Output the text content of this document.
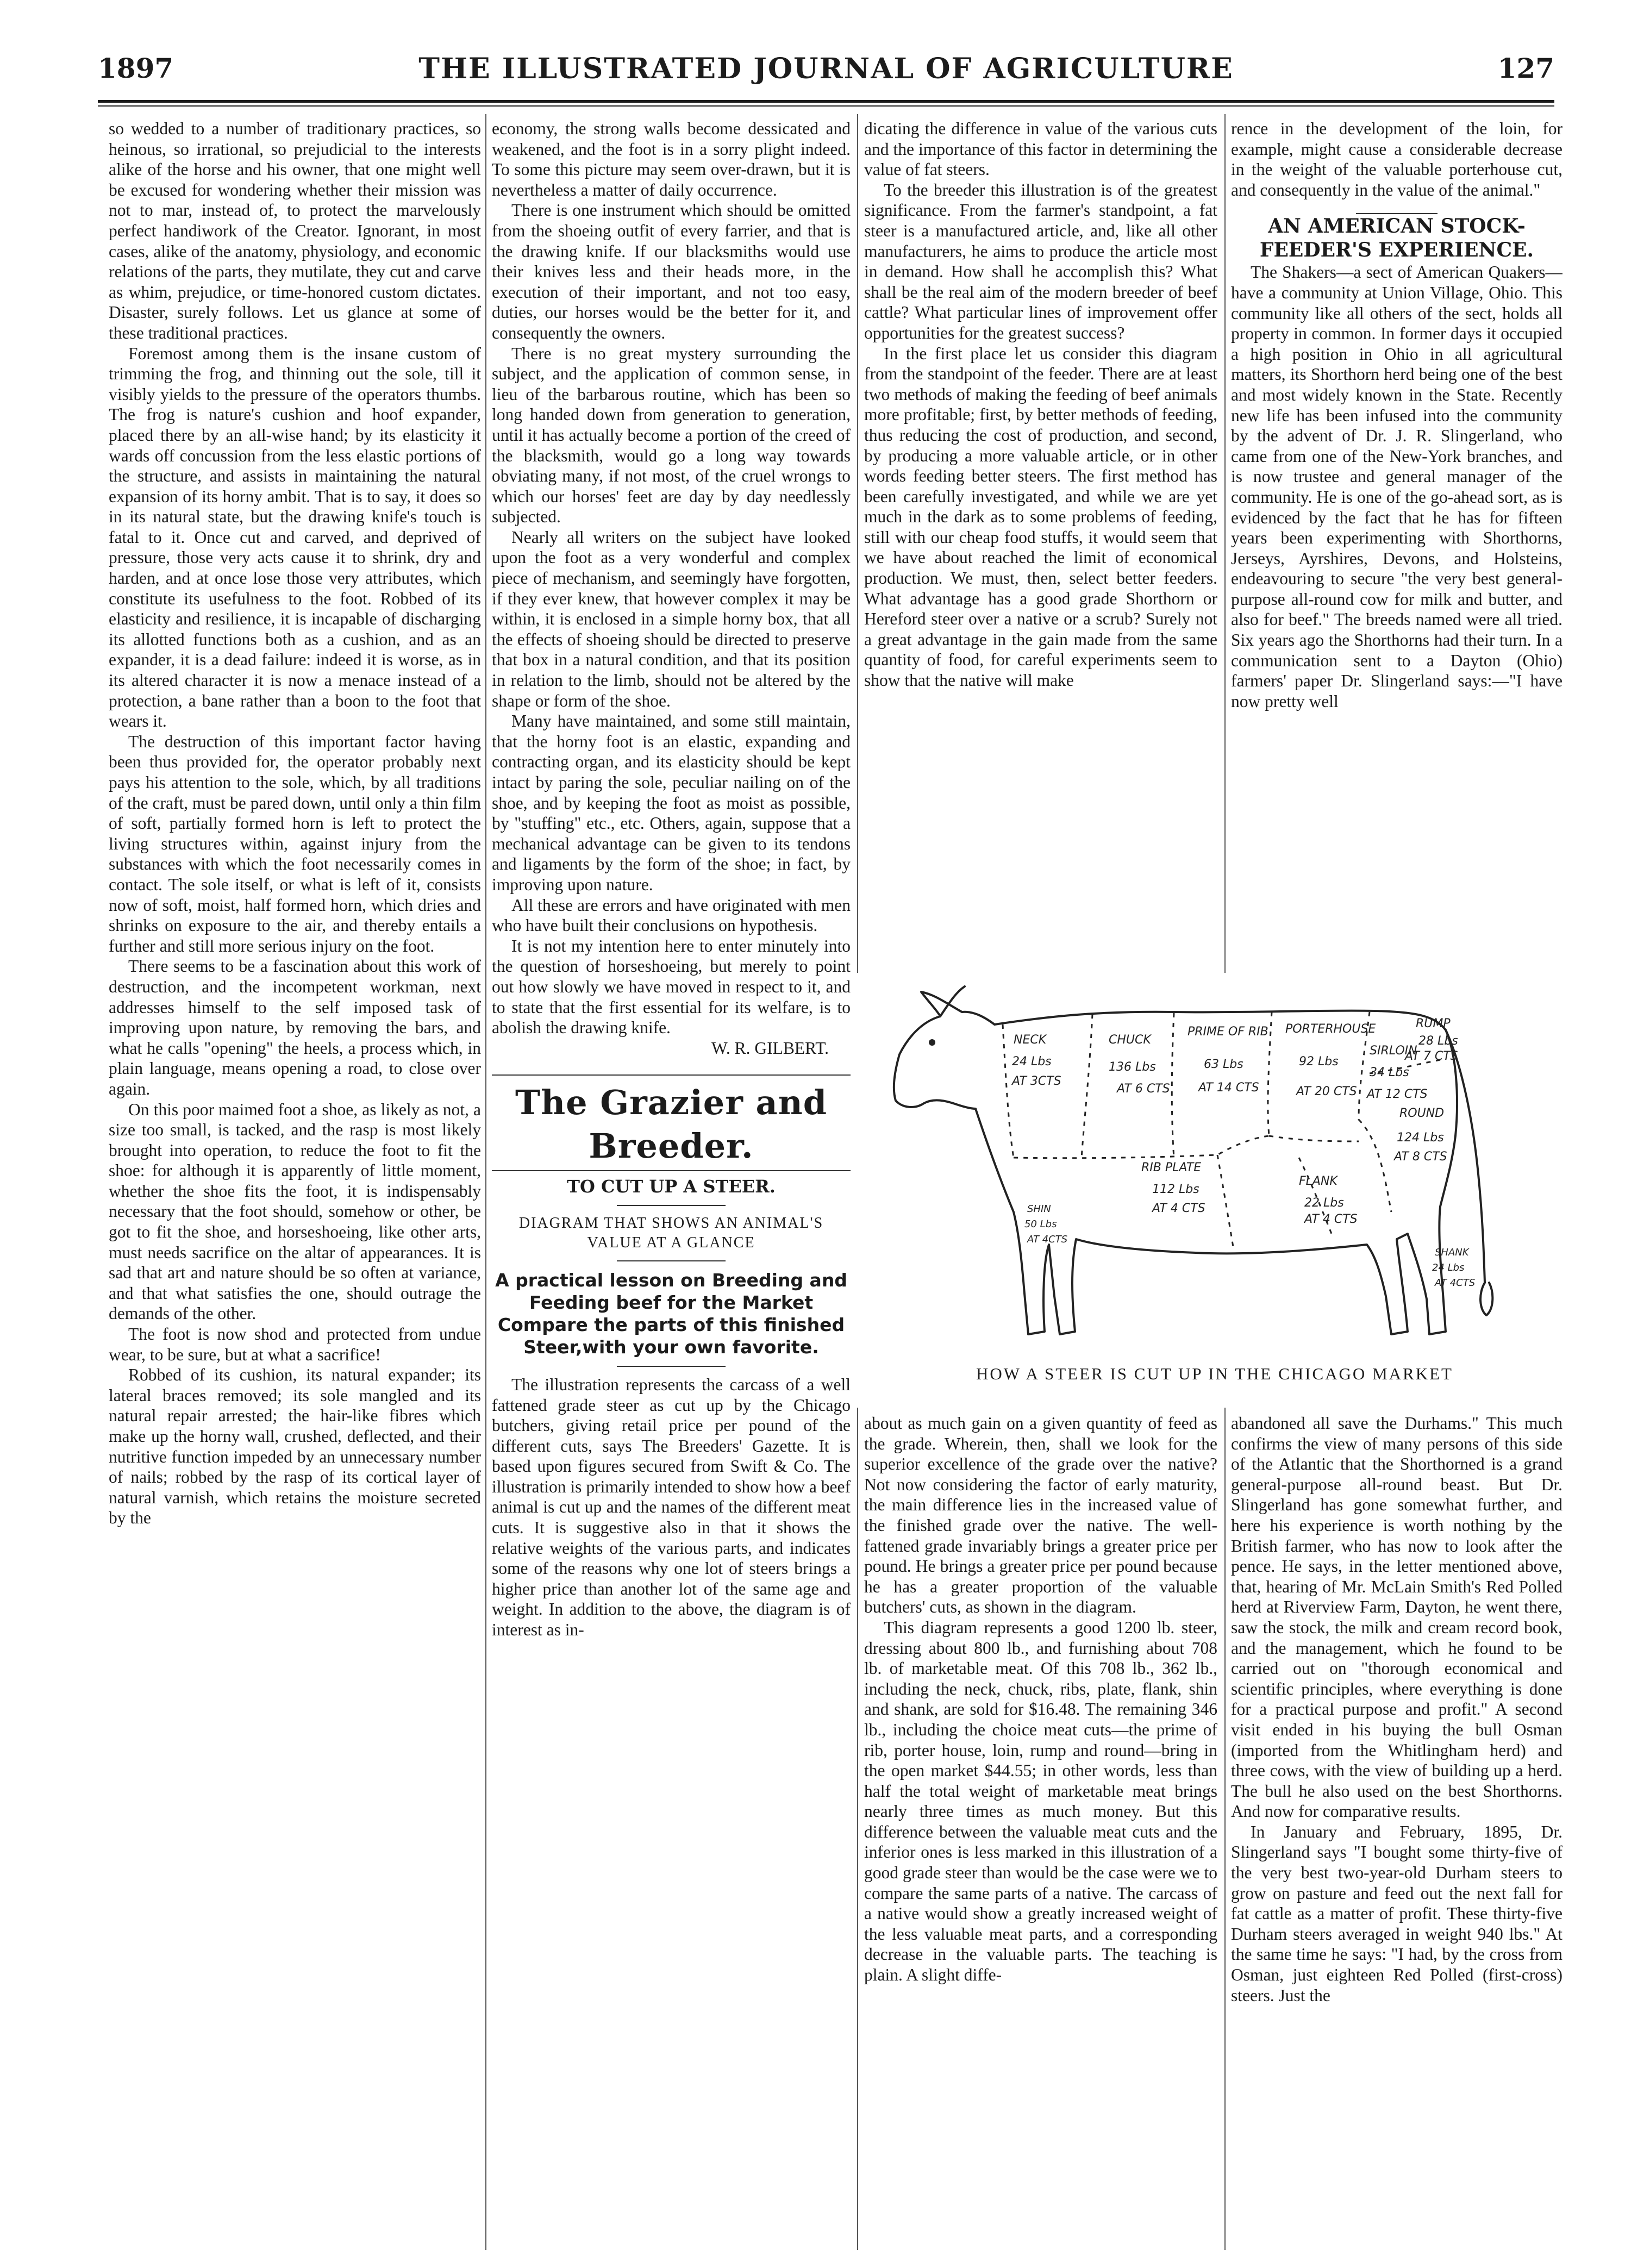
1897	THE ILLUSTRATED JOURNAL OF AGRICULTURE	127

so wedded to a number of traditionary practices, so heinous, so irrational, so prejudicial to the interests alike of the horse and his owner, that one might well be excused for wondering whether their mission was not to mar, instead of, to protect the marvelously perfect handiwork of the Creator. Ignorant, in most cases, alike of the anatomy, physiology, and economic relations of the parts, they mutilate, they cut and carve as whim, prejudice, or time-honored custom dictates. Disaster, surely follows. Let us glance at some of these traditional practices.

Foremost among them is the insane custom of trimming the frog, and thinning out the sole, till it visibly yields to the pressure of the operators thumbs. The frog is nature's cushion and hoof expander, placed there by an all-wise hand; by its elasticity it wards off concussion from the less elastic portions of the structure, and assists in maintaining the natural expansion of its horny ambit. That is to say, it does so in its natural state, but the drawing knife's touch is fatal to it. Once cut and carved, and deprived of pressure, those very acts cause it to shrink, dry and harden, and at once lose those very attributes, which constitute its usefulness to the foot. Robbed of its elasticity and resilience, it is incapable of discharging its allotted functions both as a cushion, and as an expander, it is a dead failure: indeed it is worse, as in its altered character it is now a menace instead of a protection, a bane rather than a boon to the foot that wears it.

The destruction of this important factor having been thus provided for, the operator probably next pays his attention to the sole, which, by all traditions of the craft, must be pared down, until only a thin film of soft, partially formed horn is left to protect the living structures within, against injury from the substances with which the foot necessarily comes in contact. The sole itself, or what is left of it, consists now of soft, moist, half formed horn, which dries and shrinks on exposure to the air, and thereby entails a further and still more serious injury on the foot.

There seems to be a fascination about this work of destruction, and the incompetent workman, next addresses himself to the self imposed task of improving upon nature, by removing the bars, and what he calls "opening" the heels, a process which, in plain language, means opening a road, to close over again.

On this poor maimed foot a shoe, as likely as not, a size too small, is tacked, and the rasp is most likely brought into operation, to reduce the foot to fit the shoe: for although it is apparently of little moment, whether the shoe fits the foot, it is indispensably necessary that the foot should, somehow or other, be got to fit the shoe, and horseshoeing, like other arts, must needs sacrifice on the altar of appearances. It is sad that art and nature should be so often at variance, and that what satisfies the one, should outrage the demands of the other.

The foot is now shod and protected from undue wear, to be sure, but at what a sacrifice!

Robbed of its cushion, its natural expander; its lateral braces removed; its sole mangled and its natural repair arrested; the hair-like fibres which make up the horny wall, crushed, deflected, and their nutritive function impeded by an unnecessary number of nails; robbed by the rasp of its cortical layer of natural varnish, which retains the moisture secreted by the

economy, the strong walls become dessicated and weakened, and the foot is in a sorry plight indeed. To some this picture may seem over-drawn, but it is nevertheless a matter of daily occurrence.

There is one instrument which should be omitted from the shoeing outfit of every farrier, and that is the drawing knife. If our blacksmiths would use their knives less and their heads more, in the execution of their important, and not too easy, duties, our horses would be the better for it, and consequently the owners.

There is no great mystery surrounding the subject, and the application of common sense, in lieu of the barbarous routine, which has been so long handed down from generation to generation, until it has actually become a portion of the creed of the blacksmith, would go a long way towards obviating many, if not most, of the cruel wrongs to which our horses' feet are day by day needlessly subjected.

Nearly all writers on the subject have looked upon the foot as a very wonderful and complex piece of mechanism, and seemingly have forgotten, if they ever knew, that however complex it may be within, it is enclosed in a simple horny box, that all the effects of shoeing should be directed to preserve that box in a natural condition, and that its position in relation to the limb, should not be altered by the shape or form of the shoe.

Many have maintained, and some still maintain, that the horny foot is an elastic, expanding and contracting organ, and its elasticity should be kept intact by paring the sole, peculiar nailing on of the shoe, and by keeping the foot as moist as possible, by "stuffing" etc., etc. Others, again, suppose that a mechanical advantage can be given to its tendons and ligaments by the form of the shoe; in fact, by improving upon nature.

All these are errors and have originated with men who have built their conclusions on hypothesis.

It is not my intention here to enter minutely into the question of horseshoeing, but merely to point out how slowly we have moved in respect to it, and to state that the first essential for its welfare, is to abolish the drawing knife.

W. R. GILBERT.

The Grazier and Breeder.

TO CUT UP A STEER.

DIAGRAM THAT SHOWS AN ANIMAL'S VALUE AT A GLANCE

A practical lesson on Breeding and Feeding beef for the Market Compare the parts of this finished Steer,with your own favorite.

The illustration represents the carcass of a well fattened grade steer as cut up by the Chicago butchers, giving retail price per pound of the different cuts, says The Breeders' Gazette. It is based upon figures secured from Swift & Co. The illustration is primarily intended to show how a beef animal is cut up and the names of the different meat cuts. It is suggestive also in that it shows the relative weights of the various parts, and indicates some of the reasons why one lot of steers brings a higher price than another lot of the same age and weight. In addition to the above, the diagram is of interest as in-

dicating the difference in value of the various cuts and the importance of this factor in determining the value of fat steers.

To the breeder this illustration is of the greatest significance. From the farmer's standpoint, a fat steer is a manufactured article, and, like all other manufacturers, he aims to produce the article most in demand. How shall he accomplish this? What shall be the real aim of the modern breeder of beef cattle? What particular lines of improvement offer opportunities for the greatest success?

In the first place let us consider this diagram from the standpoint of the feeder. There are at least two methods of making the feeding of beef animals more profitable; first, by better methods of feeding, thus reducing the cost of production, and second, by producing a more valuable article, or in other words feeding better steers. The first method has been carefully investigated, and while we are yet much in the dark as to some problems of feeding, still with our cheap food stuffs, it would seem that we have about reached the limit of economical production. We must, then, select better feeders. What advantage has a good grade Shorthorn or Hereford steer over a native or a scrub? Surely not a great advantage in the gain made from the same quantity of food, for careful experiments seem to show that the native will make

rence in the development of the loin, for example, might cause a considerable decrease in the weight of the valuable porterhouse cut, and consequently in the value of the animal."

AN AMERICAN STOCK-FEEDER'S EXPERIENCE.

The Shakers—a sect of American Quakers—have a community at Union Village, Ohio. This community like all others of the sect, holds all property in common. In former days it occupied a high position in Ohio in all agricultural matters, its Shorthorn herd being one of the best and most widely known in the State. Recently new life has been infused into the community by the advent of Dr. J. R. Slingerland, who came from one of the New-York branches, and is now trustee and general manager of the community. He is one of the go-ahead sort, as is evidenced by the fact that he has for fifteen years been experimenting with Shorthorns, Jerseys, Ayrshires, Devons, and Holsteins, endeavouring to secure "the very best general-purpose all-round cow for milk and butter, and also for beef." The breeds named were all tried. Six years ago the Shorthorns had their turn. In a communication sent to a Dayton (Ohio) farmers' paper Dr. Slingerland says:—"I have now pretty well

NECK
24 Lbs
AT 3CTS
CHUCK
136 Lbs
AT 6 CTS
PRIME OF RIB
63 Lbs
AT 14 CTS
PORTERHOUSE
92 Lbs
AT 20 CTS
SIRLOIN
34 Lbs
AT 12 CTS
RUMP
28 Lbs
AT 7 CTS
ROUND
124 Lbs
AT 8 CTS
RIB PLATE
112 Lbs
AT 4 CTS
FLANK
22 Lbs
AT 4 CTS
SHIN
50 Lbs
AT 4CTS
SHANK
24 Lbs
AT 4CTS
HOW A STEER IS CUT UP IN THE CHICAGO MARKET

about as much gain on a given quantity of feed as the grade. Wherein, then, shall we look for the superior excellence of the grade over the native? Not now considering the factor of early maturity, the main difference lies in the increased value of the finished grade over the native. The well-fattened grade invariably brings a greater price per pound. He brings a greater price per pound because he has a greater proportion of the valuable butchers' cuts, as shown in the diagram.

This diagram represents a good 1200 lb. steer, dressing about 800 lb., and furnishing about 708 lb. of marketable meat. Of this 708 lb., 362 lb., including the neck, chuck, ribs, plate, flank, shin and shank, are sold for $16.48. The remaining 346 lb., including the choice meat cuts—the prime of rib, porter house, loin, rump and round—bring in the open market $44.55; in other words, less than half the total weight of marketable meat brings nearly three times as much money. But this difference between the valuable meat cuts and the inferior ones is less marked in this illustration of a good grade steer than would be the case were we to compare the same parts of a native. The carcass of a native would show a greatly increased weight of the less valuable meat parts, and a corresponding decrease in the valuable parts. The teaching is plain. A slight diffe-

abandoned all save the Durhams." This much confirms the view of many persons of this side of the Atlantic that the Shorthorned is a grand general-purpose all-round beast. But Dr. Slingerland has gone somewhat further, and here his experience is worth nothing by the British farmer, who has now to look after the pence. He says, in the letter mentioned above, that, hearing of Mr. McLain Smith's Red Polled herd at Riverview Farm, Dayton, he went there, saw the stock, the milk and cream record book, and the management, which he found to be carried out on "thorough economical and scientific principles, where everything is done for a practical purpose and profit." A second visit ended in his buying the bull Osman (imported from the Whitlingham herd) and three cows, with the view of building up a herd. The bull he also used on the best Shorthorns. And now for comparative results.

In January and February, 1895, Dr. Slingerland says "I bought some thirty-five of the very best two-year-old Durham steers to grow on pasture and feed out the next fall for fat cattle as a matter of profit. These thirty-five Durham steers averaged in weight 940 lbs." At the same time he says: "I had, by the cross from Osman, just eighteen Red Polled (first-cross) steers. Just the
